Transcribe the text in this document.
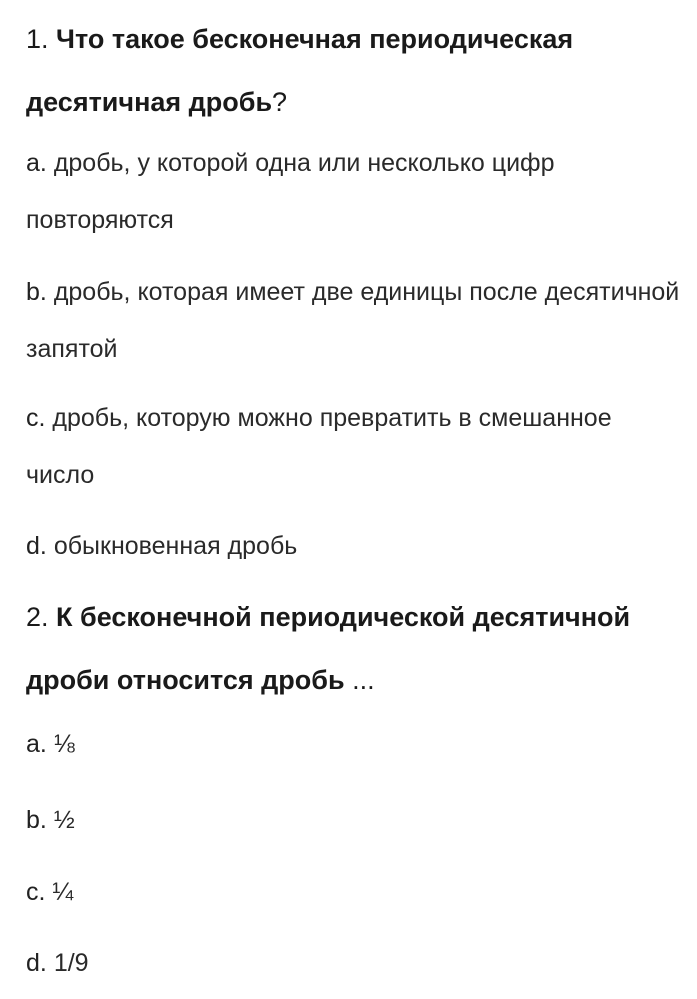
1. Что такое бесконечная периодическая десятичная дробь?

a. дробь, у которой одна или несколько цифр повторяются
b. дробь, которая имеет две единицы после десятичной запятой
c. дробь, которую можно превратить в смешанное число
d. обыкновенная дробь

2. К бесконечной периодической десятичной дроби относится дробь ...

a. ⅛
b. ½
c. ¼
d. 1/9
